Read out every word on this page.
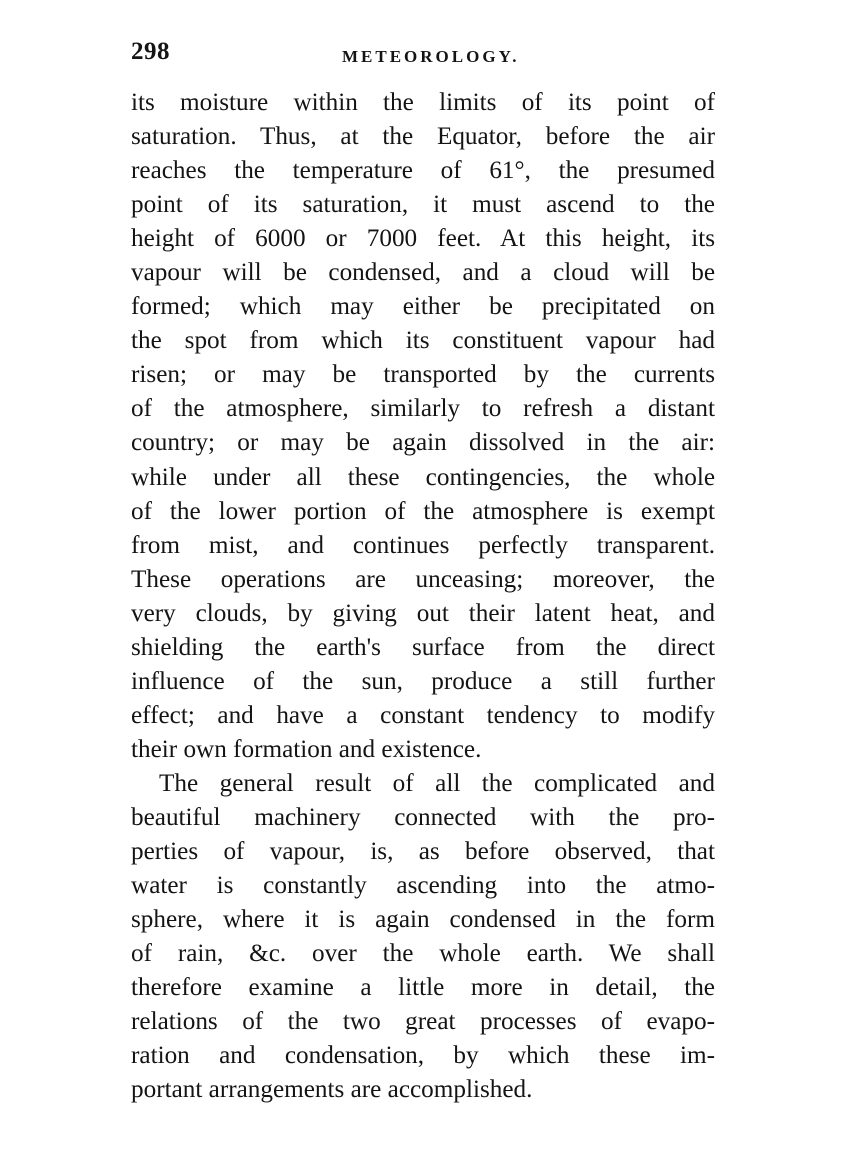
298	METEOROLOGY.
its moisture within the limits of its point of
saturation. Thus, at the Equator, before the air
reaches the temperature of 61°, the presumed
point of its saturation, it must ascend to the
height of 6000 or 7000 feet. At this height, its
vapour will be condensed, and a cloud will be
formed; which may either be precipitated on
the spot from which its constituent vapour had
risen; or may be transported by the currents
of the atmosphere, similarly to refresh a distant
country; or may be again dissolved in the air:
while under all these contingencies, the whole
of the lower portion of the atmosphere is exempt
from mist, and continues perfectly transparent.
These operations are unceasing; moreover, the
very clouds, by giving out their latent heat, and
shielding the earth's surface from the direct
influence of the sun, produce a still further
effect; and have a constant tendency to modify
their own formation and existence.
The general result of all the complicated and
beautiful machinery connected with the pro-
perties of vapour, is, as before observed, that
water is constantly ascending into the atmo-
sphere, where it is again condensed in the form
of rain, &c. over the whole earth. We shall
therefore examine a little more in detail, the
relations of the two great processes of evapo-
ration and condensation, by which these im-
portant arrangements are accomplished.
